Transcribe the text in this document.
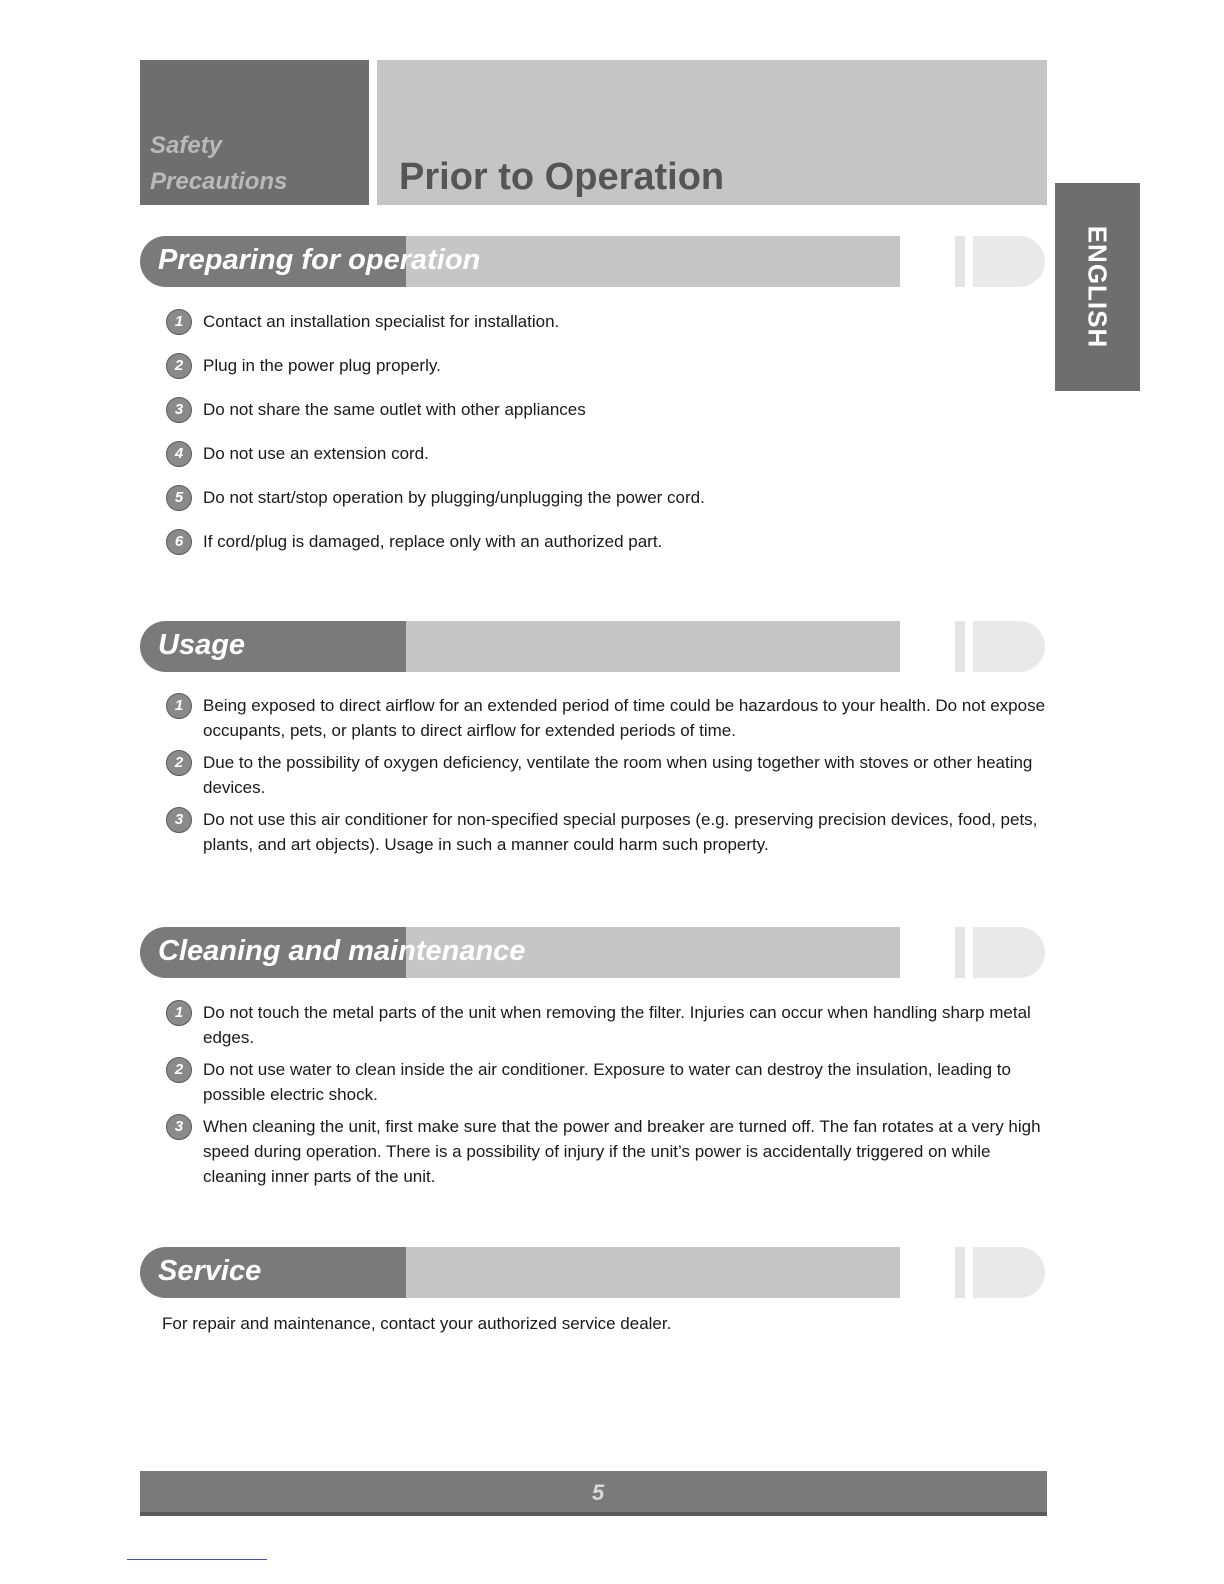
Safety
Precautions	Prior to Operation
ENGLISH
Preparing for operation
1	Contact an installation specialist for installation.
2	Plug in the power plug properly.
3	Do not share the same outlet with other appliances
4	Do not use an extension cord.
5	Do not start/stop operation by plugging/unplugging the power cord.
6	If cord/plug is damaged, replace only with an authorized part.
Usage
1	Being exposed to direct airflow for an extended period of time could be hazardous to your health. Do not expose occupants, pets, or plants to direct airflow for extended periods of time.
2	Due to the possibility of oxygen deficiency, ventilate the room when using together with stoves or other heating devices.
3	Do not use this air conditioner for non-specified special purposes (e.g. preserving precision devices, food, pets, plants, and art objects). Usage in such a manner could harm such property.
Cleaning and maintenance
1	Do not touch the metal parts of the unit when removing the filter. Injuries can occur when handling sharp metal edges.
2	Do not use water to clean inside the air conditioner. Exposure to water can destroy the insulation, leading to possible electric shock.
3	When cleaning the unit, first make sure that the power and breaker are turned off. The fan rotates at a very high speed during operation. There is a possibility of injury if the unit’s power is accidentally triggered on while cleaning inner parts of the unit.
Service
For repair and maintenance, contact your authorized service dealer.
5
